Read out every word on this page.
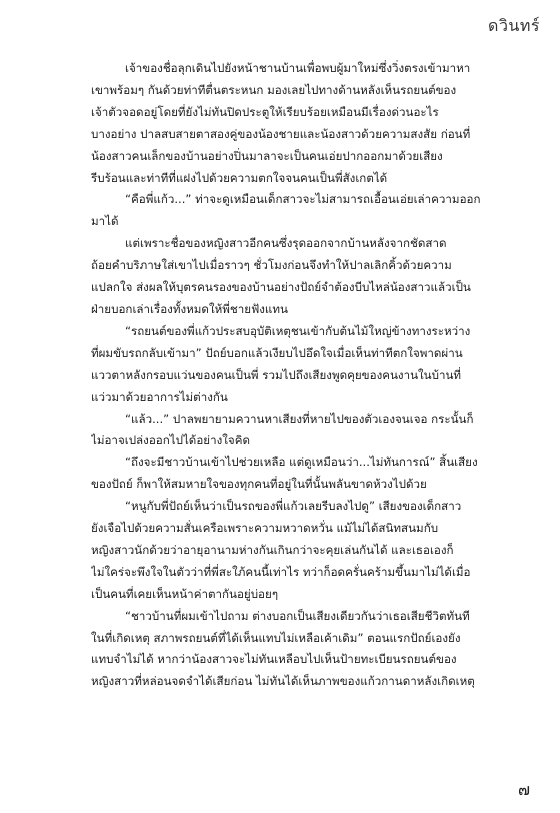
ดวินทร์

เจ้าของชื่อลุกเดินไปยังหน้าชานบ้านเพื่อพบผู้มาใหม่ซึ่งวิ่งตรงเข้ามาหา
เขาพร้อมๆ กันด้วยท่าทีตื่นตระหนก มองเลยไปทางด้านหลังเห็นรถยนต์ของ
เจ้าตัวจอดอยู่โดยที่ยังไม่ทันปิดประตูให้เรียบร้อยเหมือนมีเรื่องด่วนอะไร
บางอย่าง ปาลสบสายตาสองคู่ของน้องชายและน้องสาวด้วยความสงสัย ก่อนที่
น้องสาวคนเล็กของบ้านอย่างปิ่นมาลาจะเป็นคนเอ่ยปากออกมาด้วยเสียง
รีบร้อนและท่าทีที่แฝงไปด้วยความตกใจจนคนเป็นพี่สังเกตได้

“คือพี่แก้ว...” ท่าจะดูเหมือนเด็กสาวจะไม่สามารถเอื้อนเอ่ยเล่าความออก
มาได้

แต่เพราะชื่อของหญิงสาวอีกคนซึ่งรุดออกจากบ้านหลังจากชัดสาด
ถ้อยคำบริภาษใส่เขาไปเมื่อราวๆ ชั่วโมงก่อนจึงทำให้ปาลเลิกคิ้วด้วยความ
แปลกใจ ส่งผลให้บุตรคนรองของบ้านอย่างปัถย์จำต้องบีบไหล่น้องสาวแล้วเป็น
ฝ่ายบอกเล่าเรื่องทั้งหมดให้พี่ชายฟังแทน

“รถยนต์ของพี่แก้วประสบอุบัติเหตุชนเข้ากับต้นไม้ใหญ่ข้างทางระหว่าง
ที่ผมขับรถกลับเข้ามา” ปัถย์บอกแล้วเงียบไปอึดใจเมื่อเห็นท่าทีตกใจพาดผ่าน
แววตาหลังกรอบแว่นของคนเป็นพี่ รวมไปถึงเสียงพูดคุยของคนงานในบ้านที่
แว่วมาด้วยอาการไม่ต่างกัน

“แล้ว...” ปาลพยายามควานหาเสียงที่หายไปของตัวเองจนเจอ กระนั้นก็
ไม่อาจเปล่งออกไปได้อย่างใจคิด

“ถึงจะมีชาวบ้านเข้าไปช่วยเหลือ แต่ดูเหมือนว่า...ไม่ทันการณ์” สิ้นเสียง
ของปัถย์ ก็พาให้สมหายใจของทุกคนที่อยู่ในที่นั้นพลันขาดห้วงไปด้วย

“หนูกับพี่ปัถย์เห็นว่าเป็นรถของพี่แก้วเลยรีบลงไปดู” เสียงของเด็กสาว
ยังเจือไปด้วยความสั่นเครือเพราะความหวาดหวั่น แม้ไม่ได้สนิทสนมกับ
หญิงสาวนักด้วยว่าอายุอานามห่างกันเกินกว่าจะคุยเล่นกันได้ และเธอเองก็
ไม่ใคร่จะพึงใจในตัวว่าที่พี่สะใภ้คนนี้เท่าไร ทว่าก็อดครั่นคร้ามขึ้นมาไม่ได้เมื่อ
เป็นคนที่เคยเห็นหน้าค่าตากันอยู่บ่อยๆ

“ชาวบ้านที่ผมเข้าไปถาม ต่างบอกเป็นเสียงเดียวกันว่าเธอเสียชีวิตทันที
ในที่เกิดเหตุ สภาพรถยนต์ที่ได้เห็นแทบไม่เหลือเค้าเดิม” ตอนแรกปัถย์เองยัง
แทบจำไม่ได้ หากว่าน้องสาวจะไม่ทันเหลือบไปเห็นป้ายทะเบียนรถยนต์ของ
หญิงสาวที่หล่อนจดจำได้เสียก่อน ไม่ทันได้เห็นภาพของแก้วกานดาหลังเกิดเหตุ

๗
